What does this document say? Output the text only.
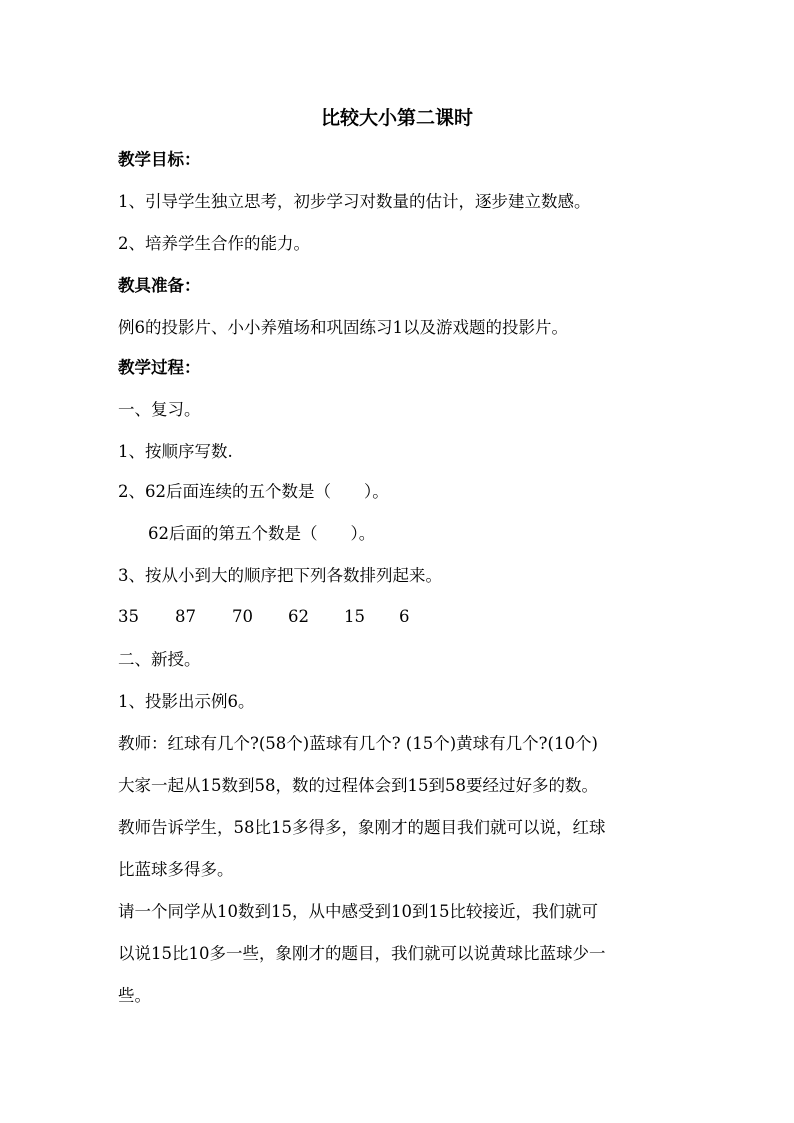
比较大小第二课时
教学目标：
1、引导学生独立思考，初步学习对数量的估计，逐步建立数感。
2、培养学生合作的能力。
教具准备：
例6的投影片、小小养殖场和巩固练习1以及游戏题的投影片。
教学过程：
一、复习。
1、按顺序写数.
2、62后面连续的五个数是（　　）。
62后面的第五个数是（　　）。
3、按从小到大的顺序把下列各数排列起来。
35 87 70 62 15 6
二、新授。
1、投影出示例6。
教师：红球有几个?(58个)蓝球有几个? (15个)黄球有几个?(10个)
大家一起从15数到58，数的过程体会到15到58要经过好多的数。
教师告诉学生，58比15多得多，象刚才的题目我们就可以说，红球
比蓝球多得多。
请一个同学从10数到15，从中感受到10到15比较接近，我们就可
以说15比10多一些，象刚才的题目，我们就可以说黄球比蓝球少一
些。
